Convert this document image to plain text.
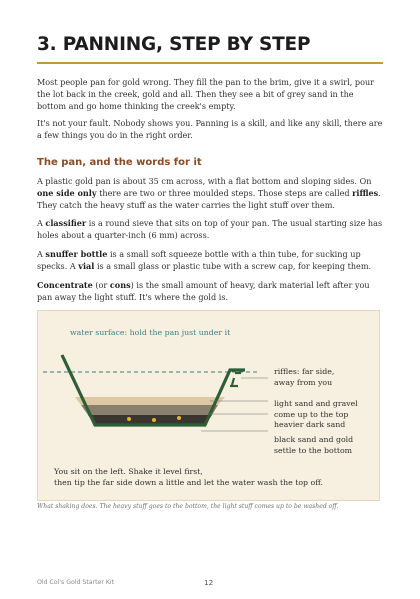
3. PANNING, STEP BY STEP

Most people pan for gold wrong. They fill the pan to the brim, give it a swirl, pour the lot back in the creek, gold and all. Then they see a bit of grey sand in the bottom and go home thinking the creek's empty.

It's not your fault. Nobody shows you. Panning is a skill, and like any skill, there are a few things you do in the right order.

The pan, and the words for it

A plastic gold pan is about 35 cm across, with a flat bottom and sloping sides. On one side only there are two or three moulded steps. Those steps are called riffles. They catch the heavy stuff as the water carries the light stuff over them.

A classifier is a round sieve that sits on top of your pan. The usual starting size has holes about a quarter-inch (6 mm) across.

A snuffer bottle is a small soft squeeze bottle with a thin tube, for sucking up specks. A vial is a small glass or plastic tube with a screw cap, for keeping them.

Concentrate (or cons) is the small amount of heavy, dark material left after you pan away the light stuff. It's where the gold is.

water surface: hold the pan just under it

riffles: far side,
away from you

light sand and gravel
come up to the top

heavier dark sand

black sand and gold
settle to the bottom

You sit on the left. Shake it level first,
then tip the far side down a little and let the water wash the top off.

What shaking does. The heavy stuff goes to the bottom, the light stuff comes up to be washed off.

Old Col's Gold Starter Kit	12
